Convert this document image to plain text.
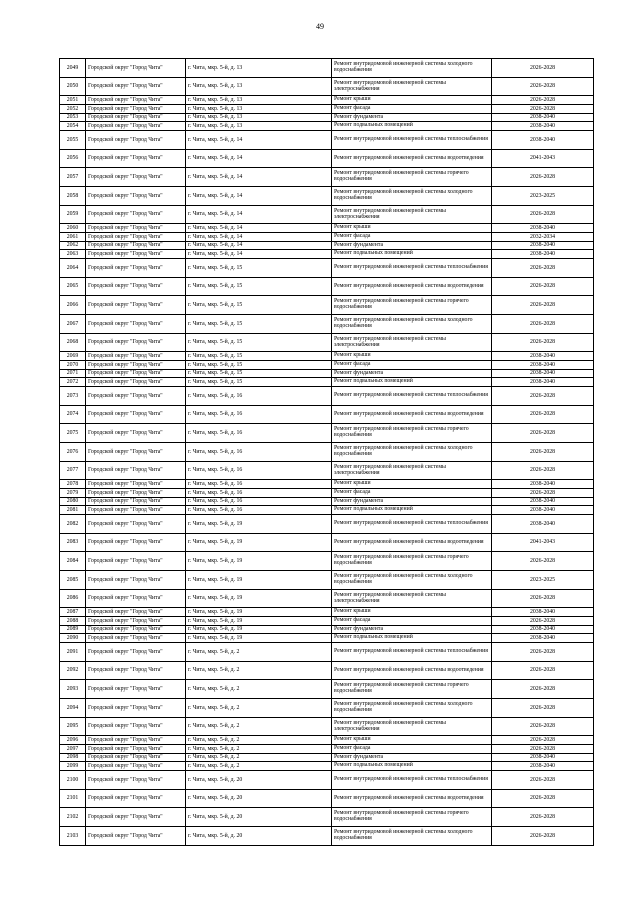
49
2049	Городской округ "Город Чита"	г. Чита, мкр. 5-й, д. 13	Ремонт внутридомовой инженерной системы холодного водоснабжения	2026-2028
2050	Городской округ "Город Чита"	г. Чита, мкр. 5-й, д. 13	Ремонт внутридомовой инженерной системы электроснабжения	2026-2028
2051	Городской округ "Город Чита"	г. Чита, мкр. 5-й, д. 13	Ремонт крыши	2026-2028
2052	Городской округ "Город Чита"	г. Чита, мкр. 5-й, д. 13	Ремонт фасада	2026-2028
2053	Городской округ "Город Чита"	г. Чита, мкр. 5-й, д. 13	Ремонт фундамента	2038-2040
2054	Городской округ "Город Чита"	г. Чита, мкр. 5-й, д. 13	Ремонт подвальных помещений	2038-2040
2055	Городской округ "Город Чита"	г. Чита, мкр. 5-й, д. 14	Ремонт внутридомовой инженерной системы теплоснабжения	2038-2040
2056	Городской округ "Город Чита"	г. Чита, мкр. 5-й, д. 14	Ремонт внутридомовой инженерной системы водоотведения	2041-2043
2057	Городской округ "Город Чита"	г. Чита, мкр. 5-й, д. 14	Ремонт внутридомовой инженерной системы горячего водоснабжения	2026-2028
2058	Городской округ "Город Чита"	г. Чита, мкр. 5-й, д. 14	Ремонт внутридомовой инженерной системы холодного водоснабжения	2023-2025
2059	Городской округ "Город Чита"	г. Чита, мкр. 5-й, д. 14	Ремонт внутридомовой инженерной системы электроснабжения	2026-2028
2060	Городской округ "Город Чита"	г. Чита, мкр. 5-й, д. 14	Ремонт крыши	2038-2040
2061	Городской округ "Город Чита"	г. Чита, мкр. 5-й, д. 14	Ремонт фасада	2032-2034
2062	Городской округ "Город Чита"	г. Чита, мкр. 5-й, д. 14	Ремонт фундамента	2038-2040
2063	Городской округ "Город Чита"	г. Чита, мкр. 5-й, д. 14	Ремонт подвальных помещений	2038-2040
2064	Городской округ "Город Чита"	г. Чита, мкр. 5-й, д. 15	Ремонт внутридомовой инженерной системы теплоснабжения	2026-2028
2065	Городской округ "Город Чита"	г. Чита, мкр. 5-й, д. 15	Ремонт внутридомовой инженерной системы водоотведения	2026-2028
2066	Городской округ "Город Чита"	г. Чита, мкр. 5-й, д. 15	Ремонт внутридомовой инженерной системы горячего водоснабжения	2026-2028
2067	Городской округ "Город Чита"	г. Чита, мкр. 5-й, д. 15	Ремонт внутридомовой инженерной системы холодного водоснабжения	2026-2028
2068	Городской округ "Город Чита"	г. Чита, мкр. 5-й, д. 15	Ремонт внутридомовой инженерной системы электроснабжения	2026-2028
2069	Городской округ "Город Чита"	г. Чита, мкр. 5-й, д. 15	Ремонт крыши	2038-2040
2070	Городской округ "Город Чита"	г. Чита, мкр. 5-й, д. 15	Ремонт фасада	2038-2040
2071	Городской округ "Город Чита"	г. Чита, мкр. 5-й, д. 15	Ремонт фундамента	2038-2040
2072	Городской округ "Город Чита"	г. Чита, мкр. 5-й, д. 15	Ремонт подвальных помещений	2038-2040
2073	Городской округ "Город Чита"	г. Чита, мкр. 5-й, д. 16	Ремонт внутридомовой инженерной системы теплоснабжения	2026-2028
2074	Городской округ "Город Чита"	г. Чита, мкр. 5-й, д. 16	Ремонт внутридомовой инженерной системы водоотведения	2026-2028
2075	Городской округ "Город Чита"	г. Чита, мкр. 5-й, д. 16	Ремонт внутридомовой инженерной системы горячего водоснабжения	2026-2028
2076	Городской округ "Город Чита"	г. Чита, мкр. 5-й, д. 16	Ремонт внутридомовой инженерной системы холодного водоснабжения	2026-2028
2077	Городской округ "Город Чита"	г. Чита, мкр. 5-й, д. 16	Ремонт внутридомовой инженерной системы электроснабжения	2026-2028
2078	Городской округ "Город Чита"	г. Чита, мкр. 5-й, д. 16	Ремонт крыши	2038-2040
2079	Городской округ "Город Чита"	г. Чита, мкр. 5-й, д. 16	Ремонт фасада	2026-2028
2080	Городской округ "Город Чита"	г. Чита, мкр. 5-й, д. 16	Ремонт фундамента	2038-2040
2081	Городской округ "Город Чита"	г. Чита, мкр. 5-й, д. 16	Ремонт подвальных помещений	2038-2040
2082	Городской округ "Город Чита"	г. Чита, мкр. 5-й, д. 19	Ремонт внутридомовой инженерной системы теплоснабжения	2038-2040
2083	Городской округ "Город Чита"	г. Чита, мкр. 5-й, д. 19	Ремонт внутридомовой инженерной системы водоотведения	2041-2043
2084	Городской округ "Город Чита"	г. Чита, мкр. 5-й, д. 19	Ремонт внутридомовой инженерной системы горячего водоснабжения	2026-2028
2085	Городской округ "Город Чита"	г. Чита, мкр. 5-й, д. 19	Ремонт внутридомовой инженерной системы холодного водоснабжения	2023-2025
2086	Городской округ "Город Чита"	г. Чита, мкр. 5-й, д. 19	Ремонт внутридомовой инженерной системы электроснабжения	2026-2028
2087	Городской округ "Город Чита"	г. Чита, мкр. 5-й, д. 19	Ремонт крыши	2038-2040
2088	Городской округ "Город Чита"	г. Чита, мкр. 5-й, д. 19	Ремонт фасада	2026-2028
2089	Городской округ "Город Чита"	г. Чита, мкр. 5-й, д. 19	Ремонт фундамента	2038-2040
2090	Городской округ "Город Чита"	г. Чита, мкр. 5-й, д. 19	Ремонт подвальных помещений	2038-2040
2091	Городской округ "Город Чита"	г. Чита, мкр. 5-й, д. 2	Ремонт внутридомовой инженерной системы теплоснабжения	2026-2028
2092	Городской округ "Город Чита"	г. Чита, мкр. 5-й, д. 2	Ремонт внутридомовой инженерной системы водоотведения	2026-2028
2093	Городской округ "Город Чита"	г. Чита, мкр. 5-й, д. 2	Ремонт внутридомовой инженерной системы горячего водоснабжения	2026-2028
2094	Городской округ "Город Чита"	г. Чита, мкр. 5-й, д. 2	Ремонт внутридомовой инженерной системы холодного водоснабжения	2026-2028
2095	Городской округ "Город Чита"	г. Чита, мкр. 5-й, д. 2	Ремонт внутридомовой инженерной системы электроснабжения	2026-2028
2096	Городской округ "Город Чита"	г. Чита, мкр. 5-й, д. 2	Ремонт крыши	2026-2028
2097	Городской округ "Город Чита"	г. Чита, мкр. 5-й, д. 2	Ремонт фасада	2026-2028
2098	Городской округ "Город Чита"	г. Чита, мкр. 5-й, д. 2	Ремонт фундамента	2038-2040
2099	Городской округ "Город Чита"	г. Чита, мкр. 5-й, д. 2	Ремонт подвальных помещений	2038-2040
2100	Городской округ "Город Чита"	г. Чита, мкр. 5-й, д. 20	Ремонт внутридомовой инженерной системы теплоснабжения	2026-2028
2101	Городской округ "Город Чита"	г. Чита, мкр. 5-й, д. 20	Ремонт внутридомовой инженерной системы водоотведения	2026-2028
2102	Городской округ "Город Чита"	г. Чита, мкр. 5-й, д. 20	Ремонт внутридомовой инженерной системы горячего водоснабжения	2026-2028
2103	Городской округ "Город Чита"	г. Чита, мкр. 5-й, д. 20	Ремонт внутридомовой инженерной системы холодного водоснабжения	2026-2028
